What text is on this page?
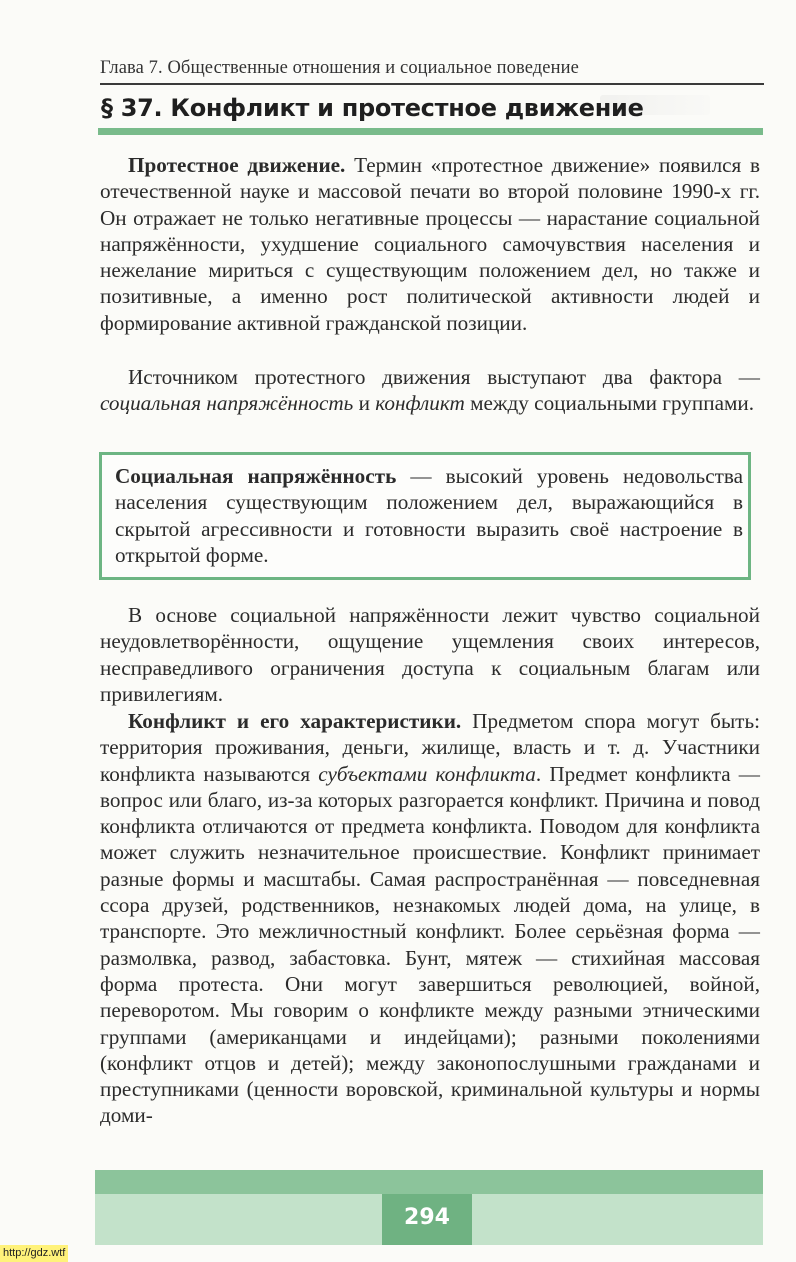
Глава 7. Общественные отношения и социальное поведение
§ 37. Конфликт и протестное движение

Протестное движение. Термин «протестное движение» появился в отечественной науке и массовой печати во второй половине 1990-х гг. Он отражает не только негативные процессы — нарастание социальной напряжённости, ухудшение социального самочувствия населения и нежелание мириться с существующим положением дел, но также и позитивные, а именно рост политической активности людей и формирование активной гражданской позиции.

Источником протестного движения выступают два фактора — социальная напряжённость и конфликт между социальными группами.

Социальная напряжённость — высокий уровень недовольства населения существующим положением дел, выражающийся в скрытой агрессивности и готовности выразить своё настроение в открытой форме.

В основе социальной напряжённости лежит чувство социальной неудовлетворённости, ощущение ущемления своих интересов, несправедливого ограничения доступа к социальным благам или привилегиям.

Конфликт и его характеристики. Предметом спора могут быть: территория проживания, деньги, жилище, власть и т. д. Участники конфликта называются субъектами конфликта. Предмет конфликта — вопрос или благо, из-за которых разгорается конфликт. Причина и повод конфликта отличаются от предмета конфликта. Поводом для конфликта может служить незначительное происшествие. Конфликт принимает разные формы и масштабы. Самая распространённая — повседневная ссора друзей, родственников, незнакомых людей дома, на улице, в транспорте. Это межличностный конфликт. Более серьёзная форма — размолвка, развод, забастовка. Бунт, мятеж — стихийная массовая форма протеста. Они могут завершиться революцией, войной, переворотом. Мы говорим о конфликте между разными этническими группами (американцами и индейцами); разными поколениями (конфликт отцов и детей); между законопослушными гражданами и преступниками (ценности воровской, криминальной культуры и нормы доми-

294
http://gdz.wtf
